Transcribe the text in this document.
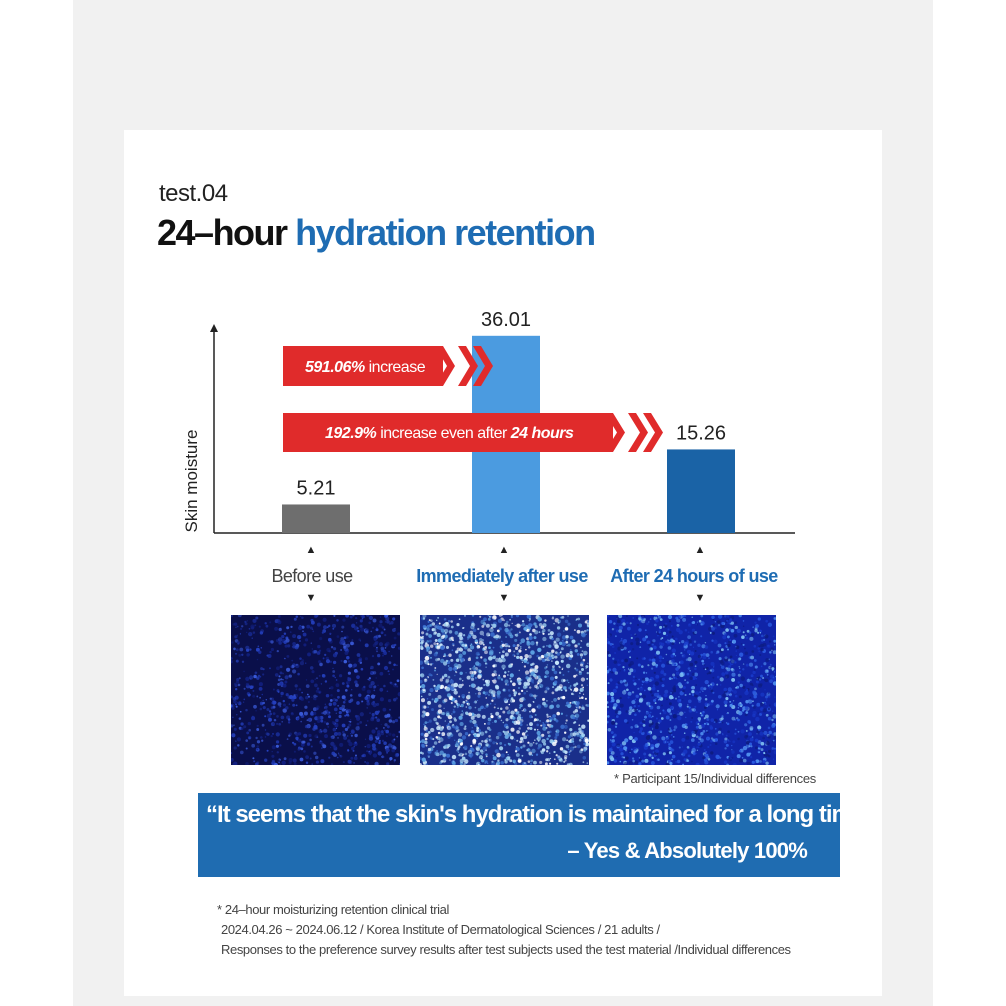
test.04
24–hour hydration retention
Skin moisture	5.21
36.01
15.26
591.06% increase
192.9% increase even after 24 hours
▲	▲	▲
Before use	Immediately after use	After 24 hours of use
▼	▼	▼
* Participant 15/Individual differences
“It seems that the skin's hydration is maintained for a long time.”
– Yes & Absolutely 100%
* 24–hour moisturizing retention clinical trial
2024.04.26 ~ 2024.06.12 / Korea Institute of Dermatological Sciences / 21 adults /
Responses to the preference survey results after test subjects used the test material /Individual differences
